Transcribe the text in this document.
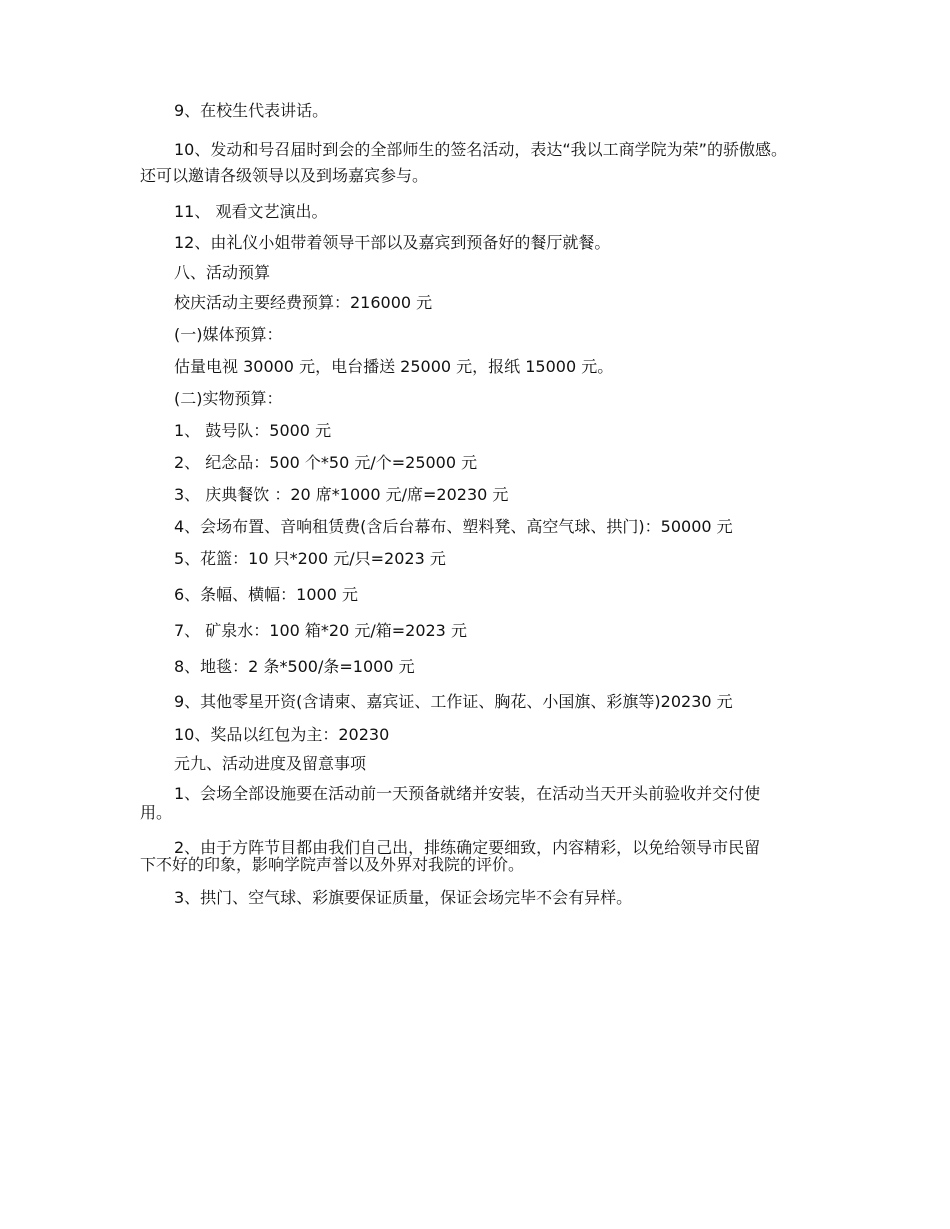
9、在校生代表讲话。

10、发动和号召届时到会的全部师生的签名活动，表达“我以工商学院为荣”的骄傲感。

还可以邀请各级领导以及到场嘉宾参与。

11、 观看文艺演出。

12、由礼仪小姐带着领导干部以及嘉宾到预备好的餐厅就餐。

八、活动预算

校庆活动主要经费预算：216000 元

(一)媒体预算：

估量电视 30000 元，电台播送 25000 元，报纸 15000 元。

(二)实物预算：

1、 鼓号队：5000 元

2、 纪念品：500 个*50 元/个=25000 元

3、 庆典餐饮 ：20 席*1000 元/席=20230 元

4、会场布置、音响租赁费(含后台幕布、塑料凳、高空气球、拱门)：50000 元

5、花篮：10 只*200 元/只=2023 元

6、条幅、横幅：1000 元

7、 矿泉水：100 箱*20 元/箱=2023 元

8、地毯：2 条*500/条=1000 元

9、其他零星开资(含请柬、嘉宾证、工作证、胸花、小国旗、彩旗等)20230 元

10、奖品以红包为主：20230

元九、活动进度及留意事项

1、会场全部设施要在活动前一天预备就绪并安装，在活动当天开头前验收并交付使

用。

2、由于方阵节目都由我们自己出，排练确定要细致，内容精彩，以免给领导市民留

下不好的印象，影响学院声誉以及外界对我院的评价。

3、拱门、空气球、彩旗要保证质量，保证会场完毕不会有异样。
